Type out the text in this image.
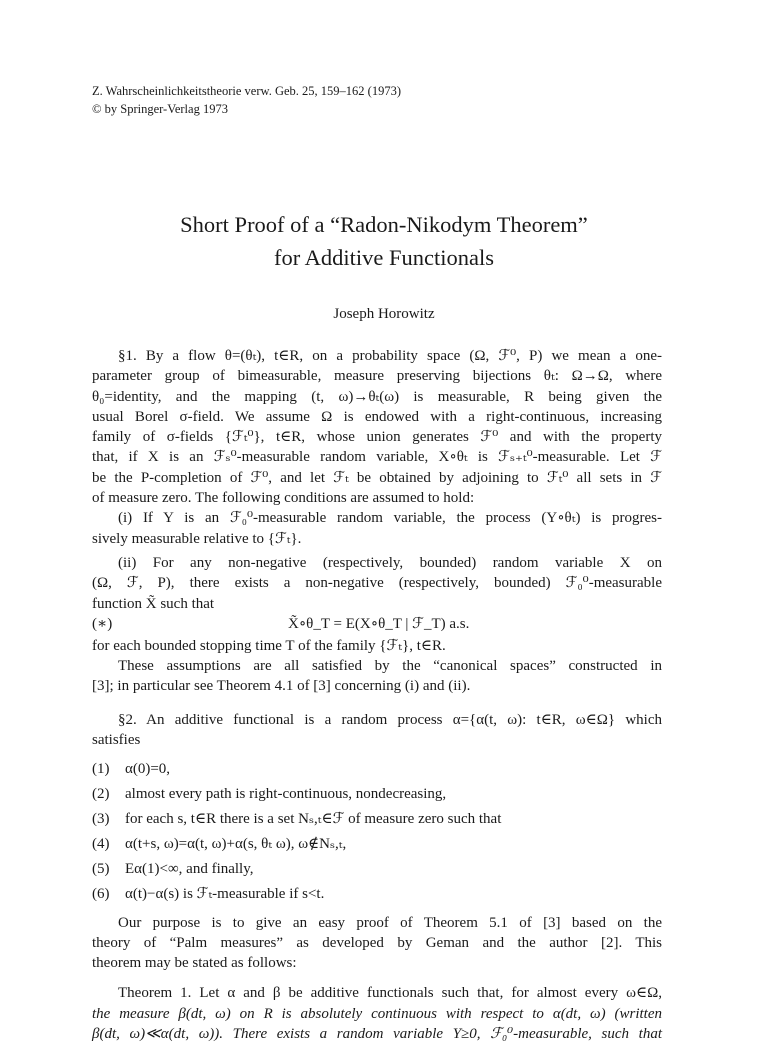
Z. Wahrscheinlichkeitstheorie verw. Geb. 25, 159–162 (1973)
© by Springer-Verlag 1973
Short Proof of a “Radon-Nikodym Theorem”
for Additive Functionals
Joseph Horowitz

§1. By a flow θ=(θₜ), t∈R, on a probability space (Ω, ℱ⁰, P) we mean a one-

parameter group of bimeasurable, measure preserving bijections θₜ: Ω→Ω, where

θ₀=identity, and the mapping (t, ω)→θₜ(ω) is measurable, R being given the

usual Borel σ-field. We assume Ω is endowed with a right-continuous, increasing

family of σ-fields {ℱₜ⁰}, t∈R, whose union generates ℱ⁰ and with the property

that, if X is an ℱₛ⁰-measurable random variable, X∘θₜ is ℱₛ₊ₜ⁰-measurable. Let ℱ

be the P-completion of ℱ⁰, and let ℱₜ be obtained by adjoining to ℱₜ⁰ all sets in ℱ

of measure zero. The following conditions are assumed to hold:

(i) If Y is an ℱ₀⁰-measurable random variable, the process (Y∘θₜ) is progres-

sively measurable relative to {ℱₜ}.

(ii) For any non-negative (respectively, bounded) random variable X on

(Ω, ℱ, P), there exists a non-negative (respectively, bounded) ℱ₀⁰-measurable

function X̃ such that

(∗)	X̃∘θ_T = E(X∘θ_T | ℱ_T) a.s.

for each bounded stopping time T of the family {ℱₜ}, t∈R.

These assumptions are all satisfied by the “canonical spaces” constructed in

[3]; in particular see Theorem 4.1 of [3] concerning (i) and (ii).

§2. An additive functional is a random process α={α(t, ω): t∈R, ω∈Ω} which

satisfies

(1) α(0)=0,
(2) almost every path is right-continuous, nondecreasing,
(3) for each s, t∈R there is a set Nₛ,ₜ∈ℱ of measure zero such that
(4) α(t+s, ω)=α(t, ω)+α(s, θₜ ω), ω∉Nₛ,ₜ,
(5) Eα(1)<∞, and finally,
(6) α(t)−α(s) is ℱₜ-measurable if s<t.

Our purpose is to give an easy proof of Theorem 5.1 of [3] based on the

theory of “Palm measures” as developed by Geman and the author [2]. This

theorem may be stated as follows:

Theorem 1. Let α and β be additive functionals such that, for almost every ω∈Ω,

the measure β(dt, ω) on R is absolutely continuous with respect to α(dt, ω) (written

β(dt, ω)≪α(dt, ω)). There exists a random variable Y≥0, ℱ₀⁰-measurable, such that
